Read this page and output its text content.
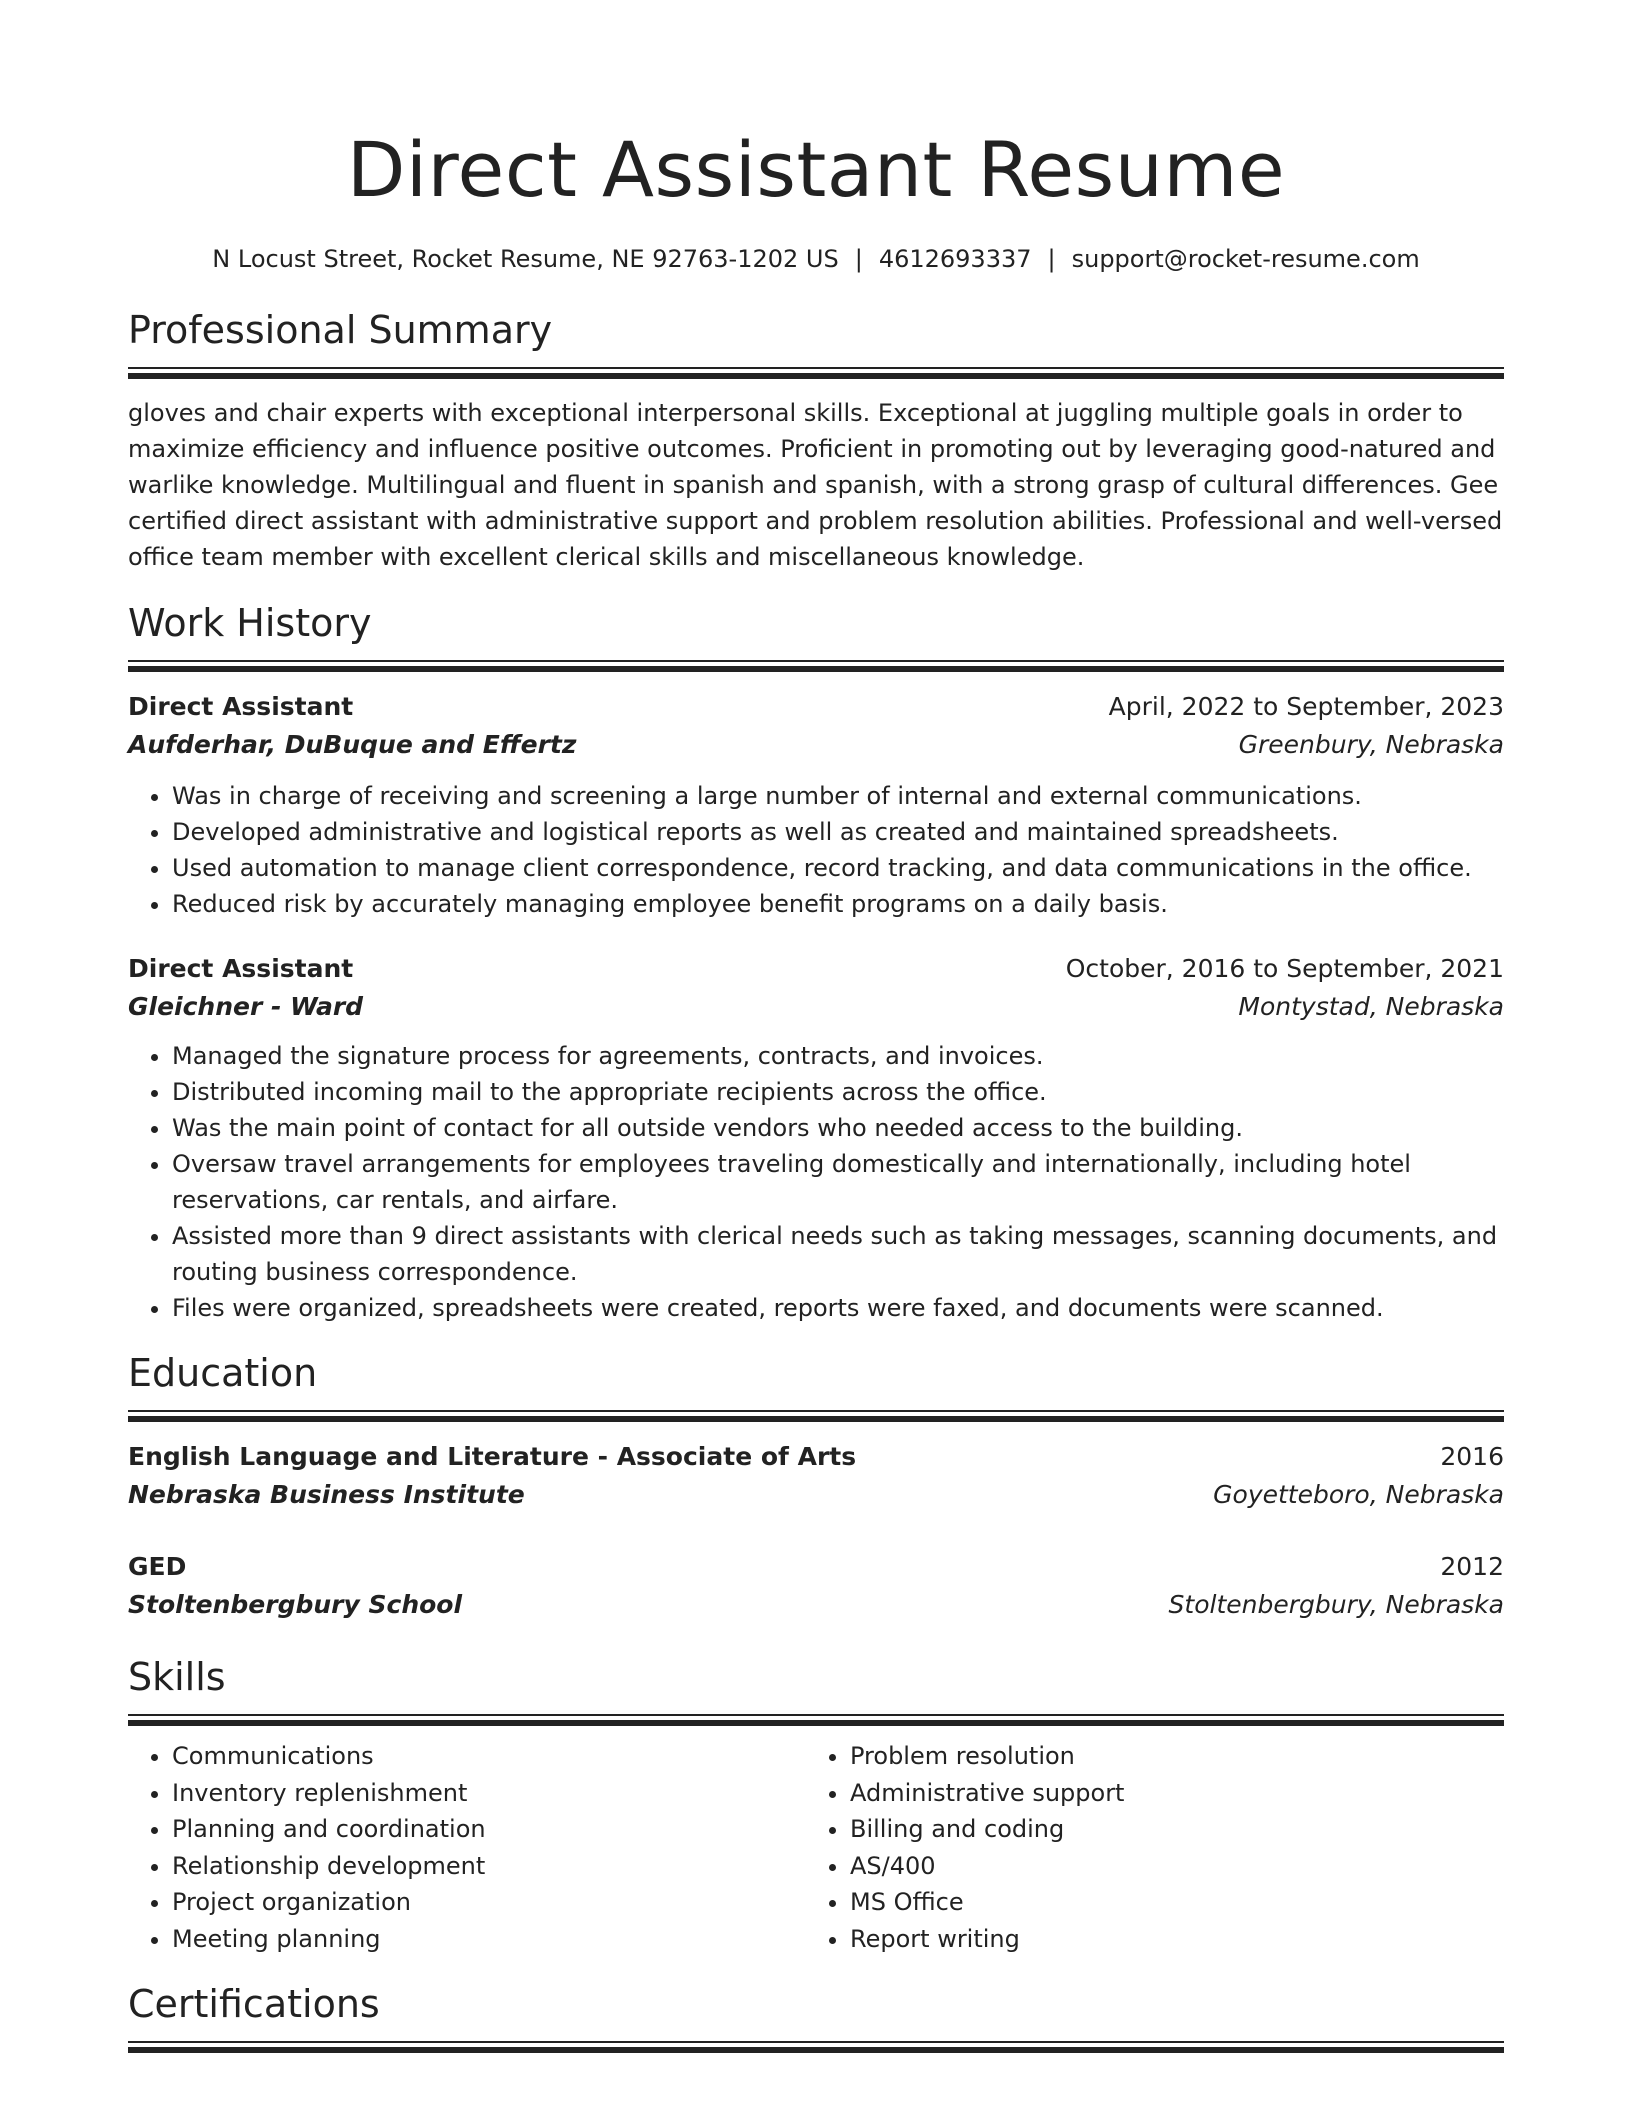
Direct Assistant Resume
N Locust Street, Rocket Resume, NE 92763-1202 US | 4612693337 | support@rocket-resume.com
Professional Summary

gloves and chair experts with exceptional interpersonal skills. Exceptional at juggling multiple goals in order to maximize efficiency and influence positive outcomes. Proficient in promoting out by leveraging good-natured and warlike knowledge. Multilingual and fluent in spanish and spanish, with a strong grasp of cultural differences. Gee certified direct assistant with administrative support and problem resolution abilities. Professional and well-versed office team member with excellent clerical skills and miscellaneous knowledge.

Work History
Direct Assistant	April, 2022 to September, 2023
Aufderhar, DuBuque and Effertz	Greenbury, Nebraska
• Was in charge of receiving and screening a large number of internal and external communications.
• Developed administrative and logistical reports as well as created and maintained spreadsheets.
• Used automation to manage client correspondence, record tracking, and data communications in the office.
• Reduced risk by accurately managing employee benefit programs on a daily basis.
Direct Assistant	October, 2016 to September, 2021
Gleichner - Ward	Montystad, Nebraska
• Managed the signature process for agreements, contracts, and invoices.
• Distributed incoming mail to the appropriate recipients across the office.
• Was the main point of contact for all outside vendors who needed access to the building.
• Oversaw travel arrangements for employees traveling domestically and internationally, including hotel reservations, car rentals, and airfare.
• Assisted more than 9 direct assistants with clerical needs such as taking messages, scanning documents, and routing business correspondence.
• Files were organized, spreadsheets were created, reports were faxed, and documents were scanned.
Education
English Language and Literature - Associate of Arts	2016
Nebraska Business Institute	Goyetteboro, Nebraska
GED	2012
Stoltenbergbury School	Stoltenbergbury, Nebraska
Skills
• Communications
• Inventory replenishment
• Planning and coordination
• Relationship development
• Project organization
• Meeting planning
• Problem resolution
• Administrative support
• Billing and coding
• AS/400
• MS Office
• Report writing
Certifications
